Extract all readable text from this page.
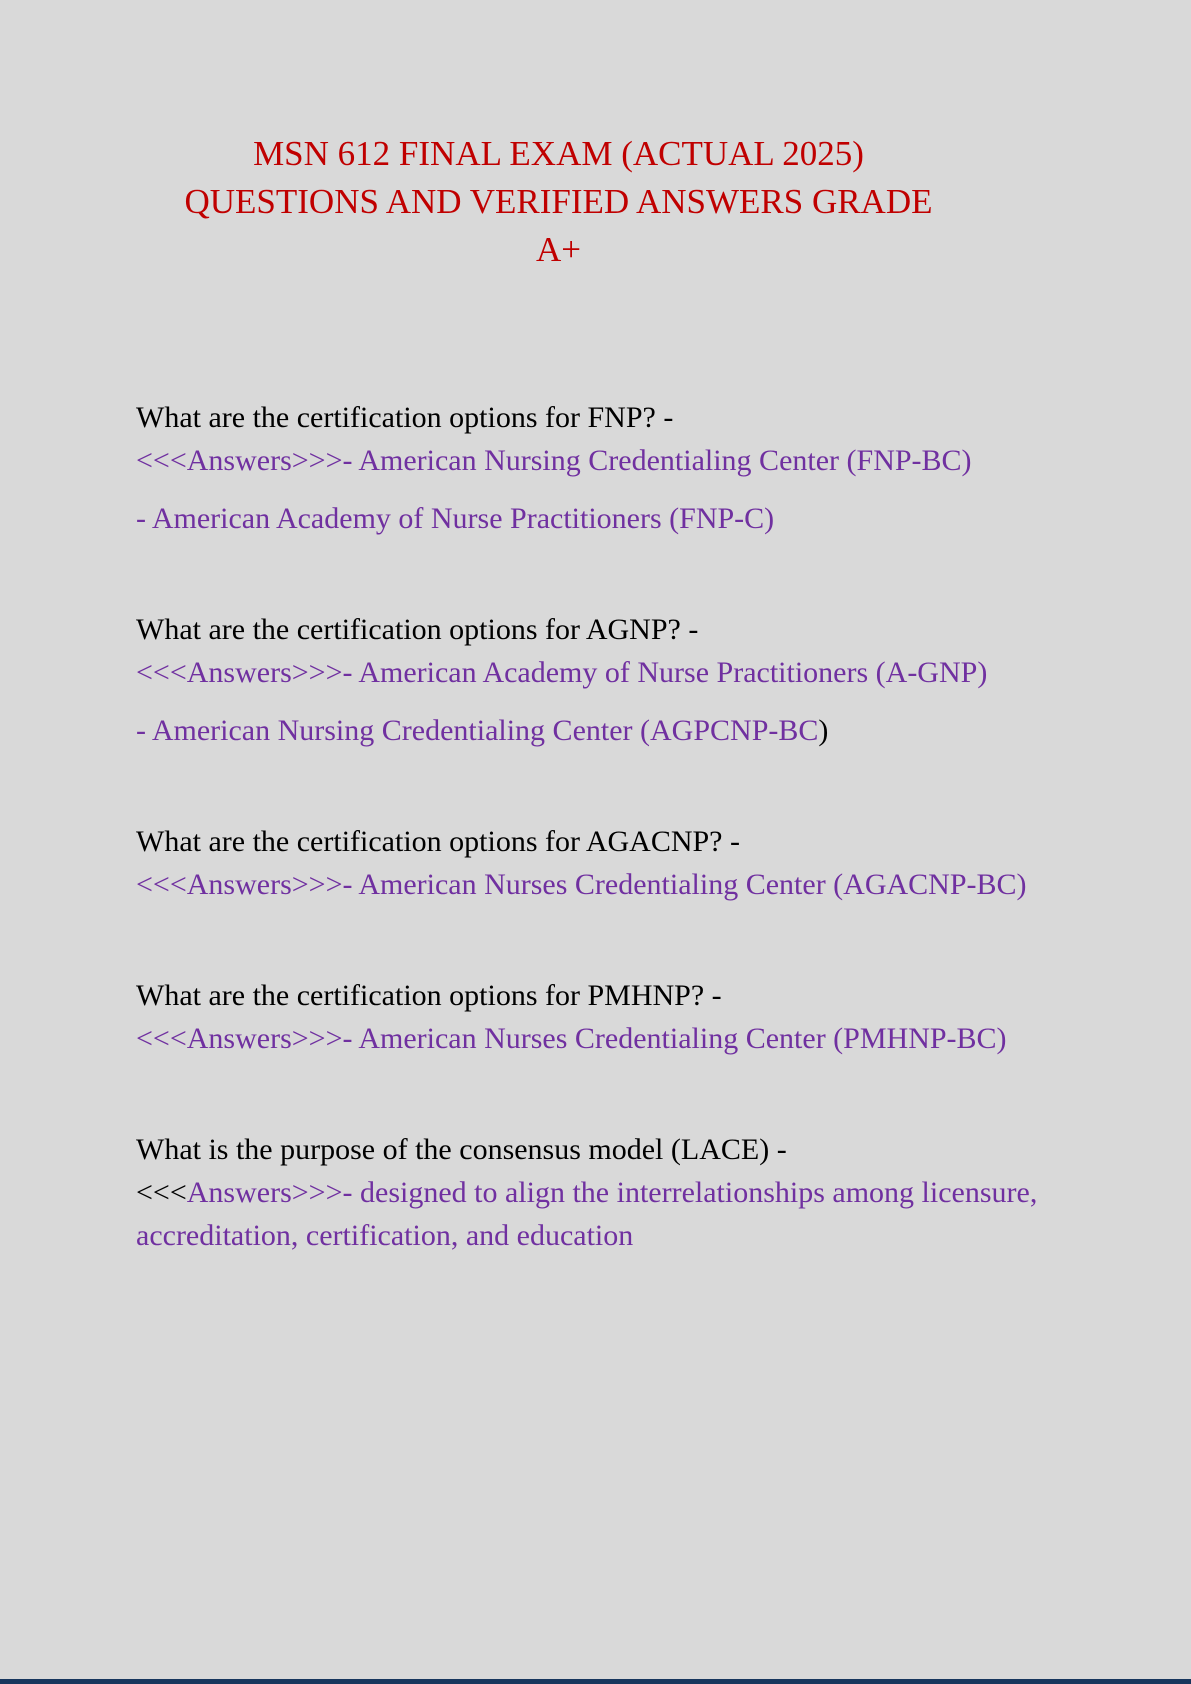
MSN 612 FINAL EXAM (ACTUAL 2025)
QUESTIONS AND VERIFIED ANSWERS GRADE
A+

What are the certification options for FNP? -
<<<Answers>>>- American Nursing Credentialing Center (FNP-BC)

- American Academy of Nurse Practitioners (FNP-C)

What are the certification options for AGNP? -
<<<Answers>>>- American Academy of Nurse Practitioners (A-GNP)

- American Nursing Credentialing Center (AGPCNP-BC)

What are the certification options for AGACNP? -
<<<Answers>>>- American Nurses Credentialing Center (AGACNP-BC)

What are the certification options for PMHNP? -
<<<Answers>>>- American Nurses Credentialing Center (PMHNP-BC)

What is the purpose of the consensus model (LACE) -
<<<Answers>>>- designed to align the interrelationships among licensure, accreditation, certification, and education
